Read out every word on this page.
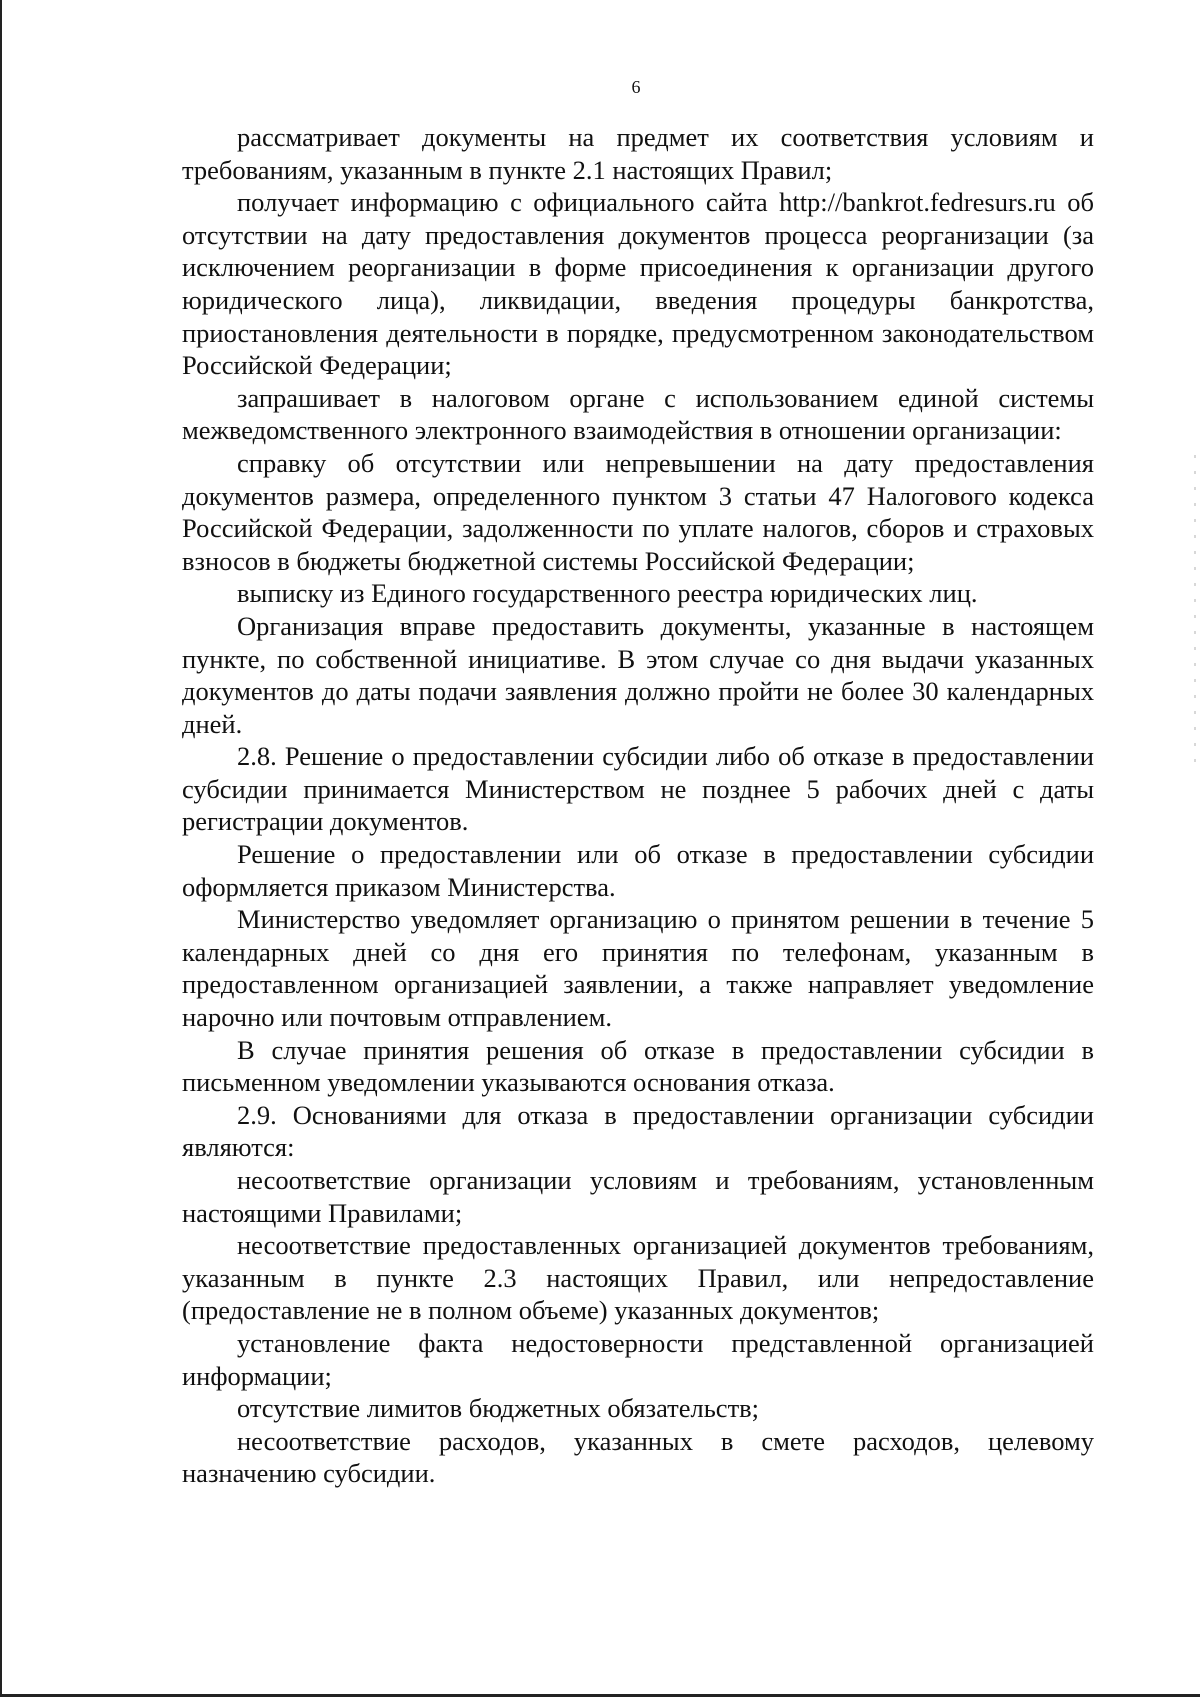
6

рассматривает документы на предмет их соответствия условиям и требованиям, указанным в пункте 2.1 настоящих Правил;

получает информацию с официального сайта http://bankrot.fedresurs.ru об отсутствии на дату предоставления документов процесса реорганизации (за исключением реорганизации в форме присоединения к организации другого юридического лица), ликвидации, введения процедуры банкротства, приостановления деятельности в порядке, предусмотренном законодательством Российской Федерации;

запрашивает в налоговом органе с использованием единой системы межведомственного электронного взаимодействия в отношении организации:

справку об отсутствии или непревышении на дату предоставления документов размера, определенного пунктом 3 статьи 47 Налогового кодекса Российской Федерации, задолженности по уплате налогов, сборов и страховых взносов в бюджеты бюджетной системы Российской Федерации;

выписку из Единого государственного реестра юридических лиц.

Организация вправе предоставить документы, указанные в настоящем пункте, по собственной инициативе. В этом случае со дня выдачи указанных документов до даты подачи заявления должно пройти не более 30 календарных дней.

2.8. Решение о предоставлении субсидии либо об отказе в предоставлении субсидии принимается Министерством не позднее 5 рабочих дней с даты регистрации документов.

Решение о предоставлении или об отказе в предоставлении субсидии оформляется приказом Министерства.

Министерство уведомляет организацию о принятом решении в течение 5 календарных дней со дня его принятия по телефонам, указанным в предоставленном организацией заявлении, а также направляет уведомление нарочно или почтовым отправлением.

В случае принятия решения об отказе в предоставлении субсидии в письменном уведомлении указываются основания отказа.

2.9. Основаниями для отказа в предоставлении организации субсидии являются:

несоответствие организации условиям и требованиям, установленным настоящими Правилами;

несоответствие предоставленных организацией документов требованиям, указанным в пункте 2.3 настоящих Правил, или непредоставление (предоставление не в полном объеме) указанных документов;

установление факта недостоверности представленной организацией информации;

отсутствие лимитов бюджетных обязательств;

несоответствие расходов, указанных в смете расходов, целевому назначению субсидии.
